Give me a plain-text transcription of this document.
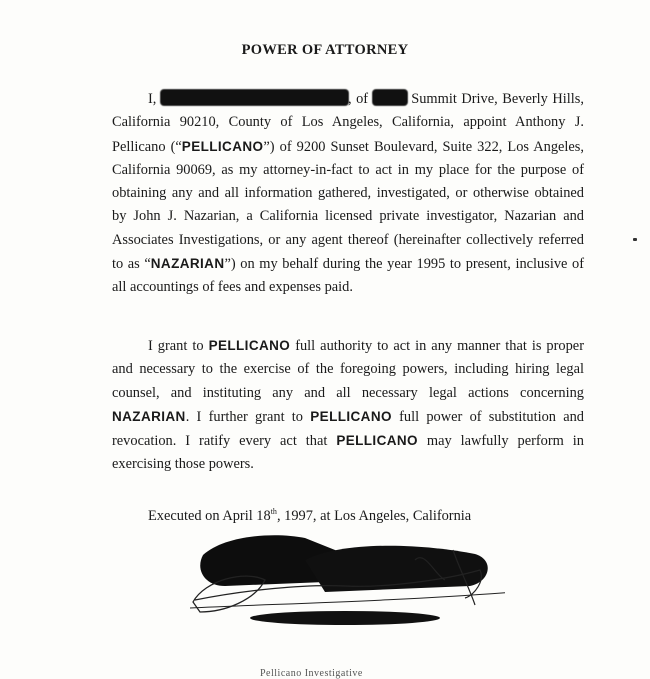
POWER OF ATTORNEY

I,	, of  Summit Drive, Beverly Hills, California 90210, County of Los Angeles, California, appoint Anthony J. Pellicano (“PELLICANO”) of 9200 Sunset Boulevard, Suite 322, Los Angeles, California 90069, as my attorney-in-fact to act in my place for the purpose of obtaining any and all information gathered, investigated, or otherwise obtained by John J. Nazarian, a California licensed private investigator, Nazarian and Associates Investigations, or any agent thereof (hereinafter collectively referred to as “NAZARIAN”) on my behalf during the year 1995 to present, inclusive of all accountings of fees and expenses paid.

I grant to PELLICANO full authority to act in any manner that is proper and necessary to the exercise of the foregoing powers, including hiring legal counsel, and instituting any and all necessary legal actions concerning NAZARIAN. I further grant to PELLICANO full power of substitution and revocation. I ratify every act that PELLICANO may lawfully perform in exercising those powers.

Executed on April 18th, 1997, at Los Angeles, California
Pellicano Investigative
